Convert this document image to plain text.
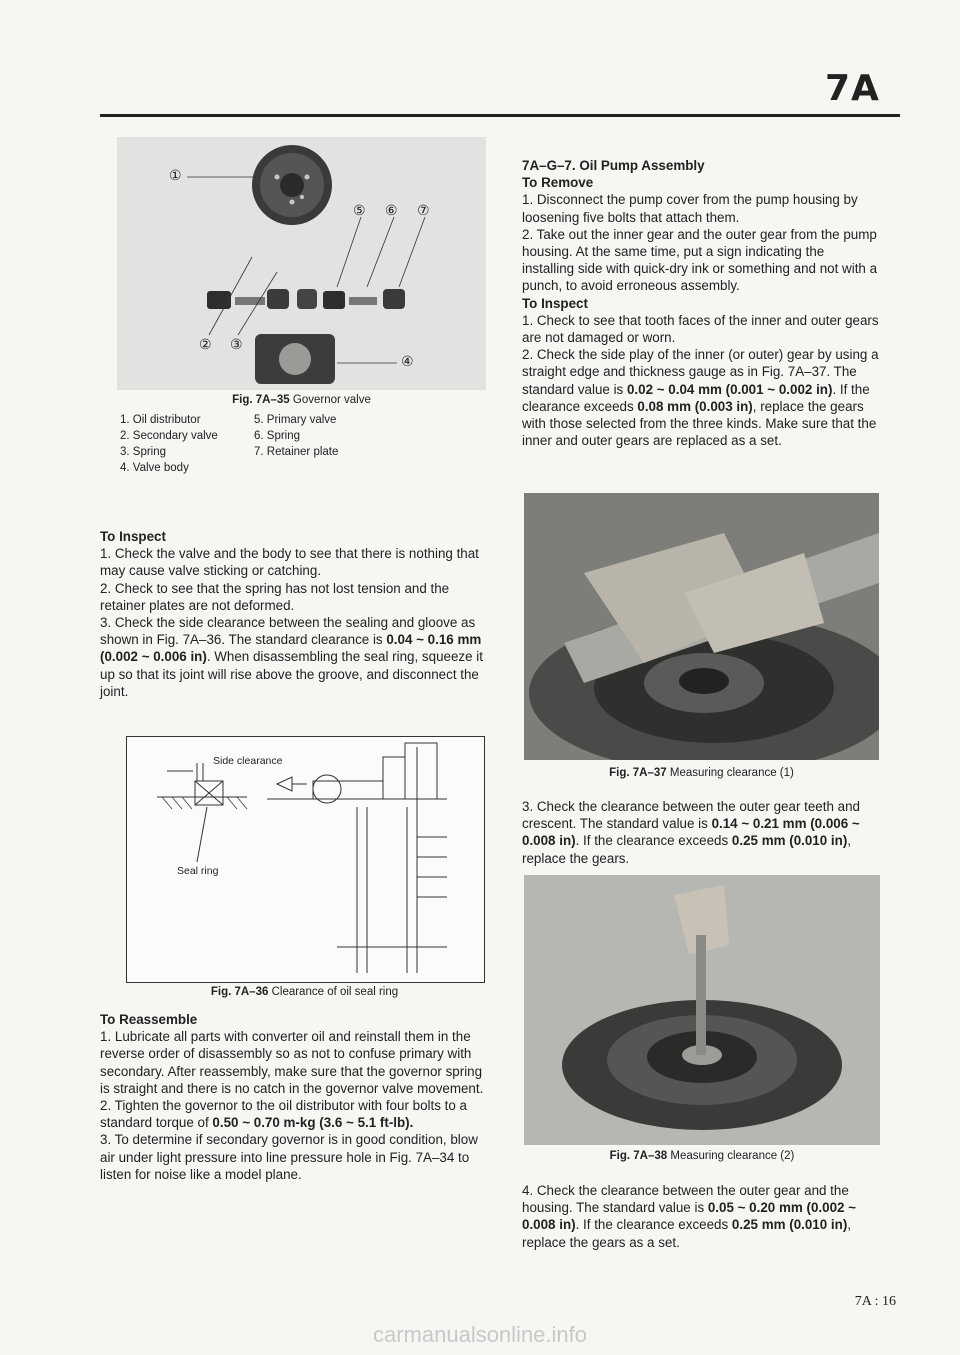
7A
①
⑤ ⑥ ⑦
② ③
④
Fig. 7A–35 Governor valve
1. Oil distributor	5. Primary valve
2. Secondary valve	6. Spring
3. Spring	7. Retainer plate
4. Valve body

To Inspect

1. Check the valve and the body to see that there is nothing that may cause valve sticking or catching.

2. Check to see that the spring has not lost tension and the retainer plates are not deformed.

3. Check the side clearance between the sealing and gloove as shown in Fig. 7A–36. The standard clearance is 0.04 ~ 0.16 mm (0.002 ~ 0.006 in). When disassembling the seal ring, squeeze it up so that its joint will rise above the groove, and disconnect the joint.

Side clearance
Seal ring
Fig. 7A–36 Clearance of oil seal ring

To Reassemble

1. Lubricate all parts with converter oil and reinstall them in the reverse order of disassembly so as not to confuse primary with secondary. After reassembly, make sure that the governor spring is straight and there is no catch in the governor valve movement.

2. Tighten the governor to the oil distributor with four bolts to a standard torque of 0.50 ~ 0.70 m-kg (3.6 ~ 5.1 ft-lb).

3. To determine if secondary governor is in good condition, blow air under light pressure into line pressure hole in Fig. 7A–34 to listen for noise like a model plane.

7A–G–7. Oil Pump Assembly

To Remove

1. Disconnect the pump cover from the pump housing by loosening five bolts that attach them.

2. Take out the inner gear and the outer gear from the pump housing. At the same time, put a sign indicating the installing side with quick-dry ink or something and not with a punch, to avoid erroneous assembly.

To Inspect

1. Check to see that tooth faces of the inner and outer gears are not damaged or worn.

2. Check the side play of the inner (or outer) gear by using a straight edge and thickness gauge as in Fig. 7A–37. The standard value is 0.02 ~ 0.04 mm (0.001 ~ 0.002 in). If the clearance exceeds 0.08 mm (0.003 in), replace the gears with those selected from the three kinds. Make sure that the inner and outer gears are replaced as a set.

Fig. 7A–37 Measuring clearance (1)

3. Check the clearance between the outer gear teeth and crescent. The standard value is 0.14 ~ 0.21 mm (0.006 ~ 0.008 in). If the clearance exceeds 0.25 mm (0.010 in), replace the gears.

Fig. 7A–38 Measuring clearance (2)

4. Check the clearance between the outer gear and the housing. The standard value is 0.05 ~ 0.20 mm (0.002 ~ 0.008 in). If the clearance exceeds 0.25 mm (0.010 in), replace the gears as a set.

7A : 16
carmanualsonline.info
